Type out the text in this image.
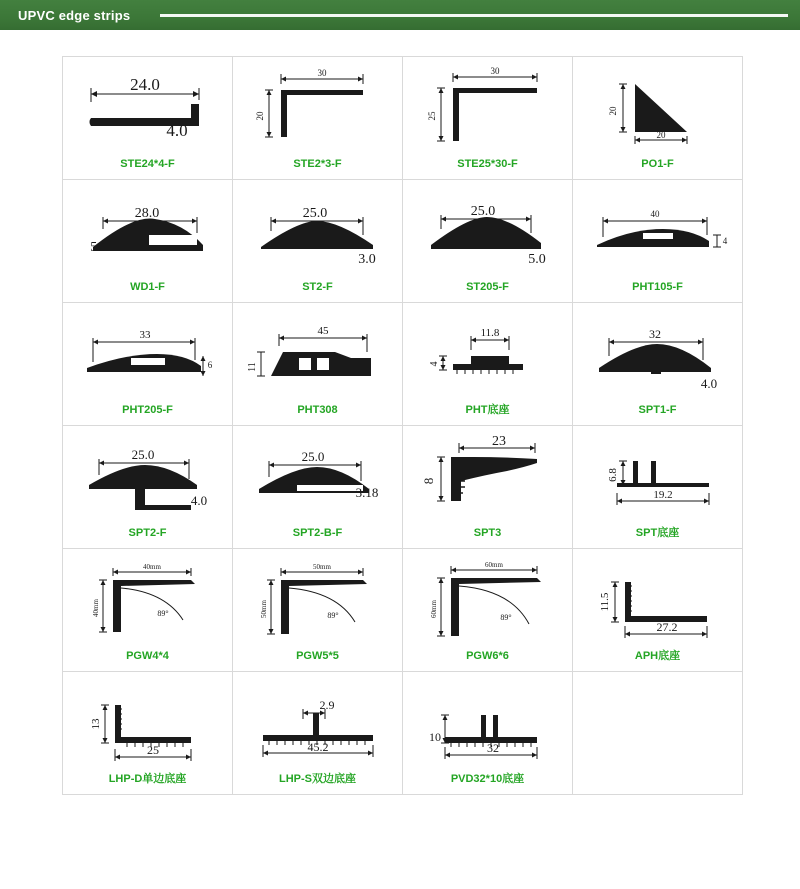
UPVC edge strips
24.0
4.0
STE24*4-F

30
20
STE2*3-F

30
25
STE25*30-F

20
20
PO1-F

28.0
5.1
WD1-F

25.0
3.0
ST2-F

25.0
5.0
ST205-F

40
4
PHT105-F

33
6
PHT205-F

45
11
PHT308

11.8
4
PHT底座

32
4.0
SPT1-F

25.0
4.0
SPT2-F

25.0
3.18
SPT2-B-F

23
8
SPT3

6.8
19.2
SPT底座

40mm
40mm	89°
PGW4*4

50mm
50mm	89°
PGW5*5

60mm
60mm	89°
PGW6*6

11.5
27.2
APH底座

13
25
LHP-D单边底座

2.9
45.2
LHP-S双边底座

10
32
PVD32*10底座
